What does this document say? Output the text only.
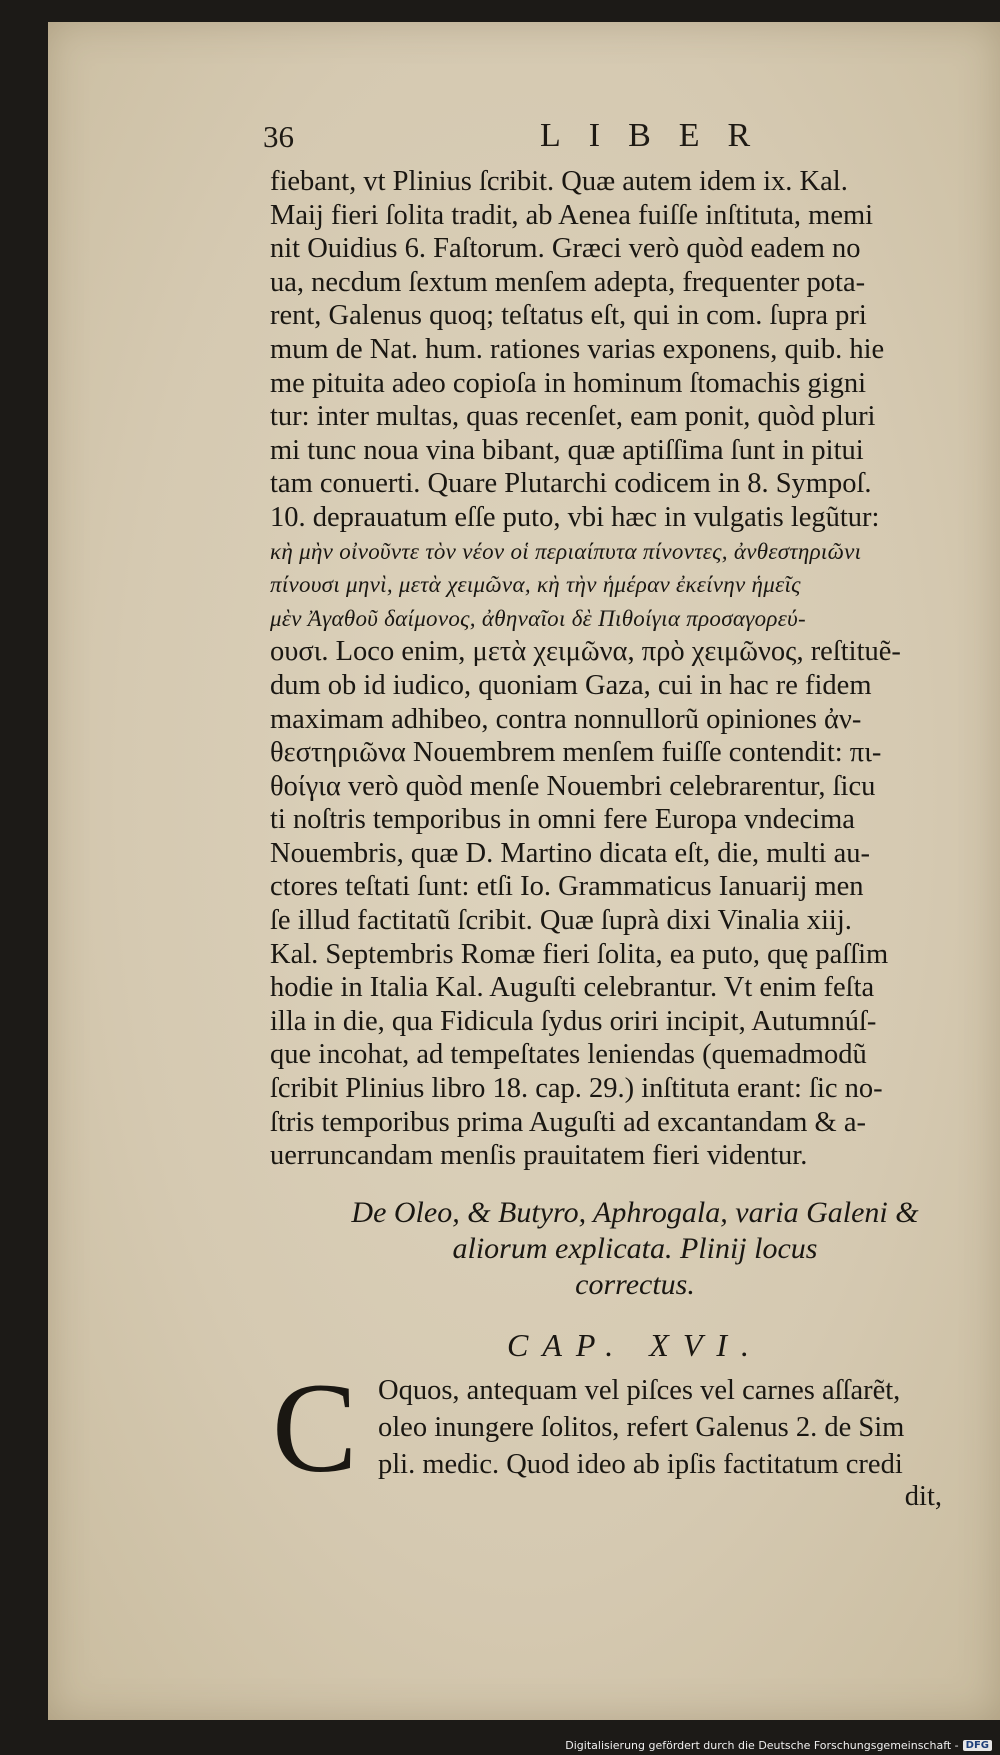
36	LIBER
fiebant, vt Plinius ſcribit. Quæ autem idem ix. Kal.
Maij fieri ſolita tradit, ab Aenea fuiſſe inſtituta, memi
nit Ouidius 6. Faſtorum. Græci verò quòd eadem no
ua, necdum ſextum menſem adepta, frequenter pota-
rent, Galenus quoq; teſtatus eſt, qui in com. ſupra pri
mum de Nat. hum. rationes varias exponens, quib. hie
me pituita adeo copioſa in hominum ſtomachis gigni
tur: inter multas, quas recenſet, eam ponit, quòd pluri
mi tunc noua vina bibant, quæ aptiſſima ſunt in pitui
tam conuerti. Quare Plutarchi codicem in 8. Sympoſ.
10. deprauatum eſſe puto, vbi hæc in vulgatis legũtur:
κὴ μὴν οἰνοῦντε τὸν νέον οἱ περιαίπυτα πίνοντες, ἀνθεστηριῶνι
πίνουσι μηνὶ, μετὰ χειμῶνα, κὴ τὴν ἡμέραν ἐκείνην ἡμεῖς
μὲν Ἀγαθοῦ δαίμονος, ἀθηναῖοι δὲ Πιθοίγια προσαγορεύ-
ουσι. Loco enim, μετὰ χειμῶνα, πρὸ χειμῶνος, reſtituẽ-
dum ob id iudico, quoniam Gaza, cui in hac re fidem
maximam adhibeo, contra nonnullorũ opiniones ἀν-
θεστηριῶνα Nouembrem menſem fuiſſe contendit: πι-
θοίγια verò quòd menſe Nouembri celebrarentur, ſicu
ti noſtris temporibus in omni fere Europa vndecima
Nouembris, quæ D. Martino dicata eſt, die, multi au-
ctores teſtati ſunt: etſi Io. Grammaticus Ianuarij men
ſe illud factitatũ ſcribit. Quæ ſuprà dixi Vinalia xiij.
Kal. Septembris Romæ fieri ſolita, ea puto, quę paſſim
hodie in Italia Kal. Auguſti celebrantur. Vt enim feſta
illa in die, qua Fidicula ſydus oriri incipit, Autumnúſ-
que incohat, ad tempeſtates leniendas (quemadmodũ
ſcribit Plinius libro 18. cap. 29.) inſtituta erant: ſic no-
ſtris temporibus prima Auguſti ad excantandam & a-
uerruncandam menſis prauitatem fieri videntur.
De Oleo, & Butyro, Aphrogala, varia Galeni &
aliorum explicata. Plinij locus
correctus.
CAP. XVI.
C Oquos, antequam vel piſces vel carnes aſſarẽt,
oleo inungere ſolitos, refert Galenus 2. de Sim
pli. medic. Quod ideo ab ipſis factitatum credi
dit,
Digitalisierung gefördert durch die Deutsche Forschungsgemeinschaft - DFG
